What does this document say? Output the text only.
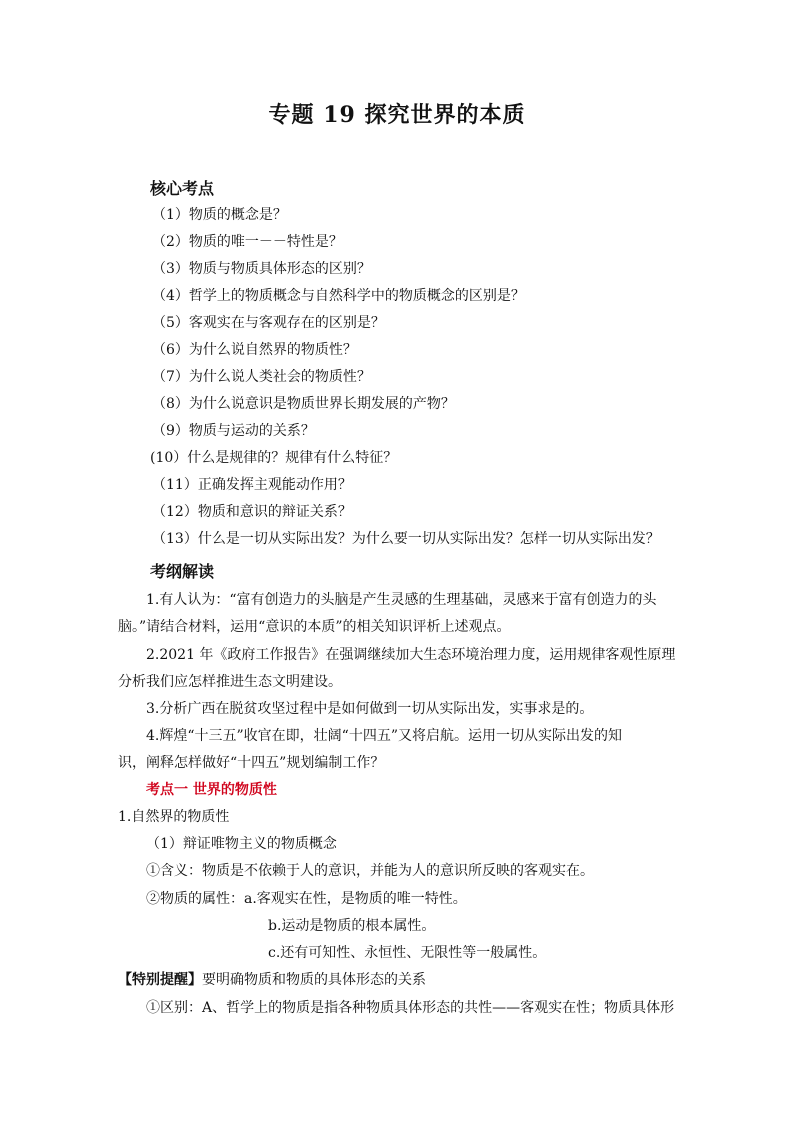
专题 19 探究世界的本质
核心考点
（1）物质的概念是？
（2）物质的唯一－－特性是？
（3）物质与物质具体形态的区别？
（4）哲学上的物质概念与自然科学中的物质概念的区别是？
（5）客观实在与客观存在的区别是？
（6）为什么说自然界的物质性？
（7）为什么说人类社会的物质性？
（8）为什么说意识是物质世界长期发展的产物？
（9）物质与运动的关系？
(10）什么是规律的？规律有什么特征？
（11）正确发挥主观能动作用？
（12）物质和意识的辩证关系？
（13）什么是一切从实际出发？为什么要一切从实际出发？怎样一切从实际出发？
考纲解读
1.有人认为：“富有创造力的头脑是产生灵感的生理基础，灵感来于富有创造力的头
脑。”请结合材料，运用“意识的本质”的相关知识评析上述观点。
2.2021 年《政府工作报告》在强调继续加大生态环境治理力度，运用规律客观性原理
分析我们应怎样推进生态文明建设。
3.分析广西在脱贫攻坚过程中是如何做到一切从实际出发，实事求是的。
4.辉煌“十三五”收官在即，壮阔“十四五”又将启航。运用一切从实际出发的知
识，阐释怎样做好“十四五”规划编制工作？
考点一 世界的物质性
1.自然界的物质性
（1）辩证唯物主义的物质概念
①含义：物质是不依赖于人的意识，并能为人的意识所反映的客观实在。
②物质的属性：a.客观实在性，是物质的唯一特性。
b.运动是物质的根本属性。
c.还有可知性、永恒性、无限性等一般属性。
【特别提醒】要明确物质和物质的具体形态的关系
①区别：A、哲学上的物质是指各种物质具体形态的共性——客观实在性；物质具体形
